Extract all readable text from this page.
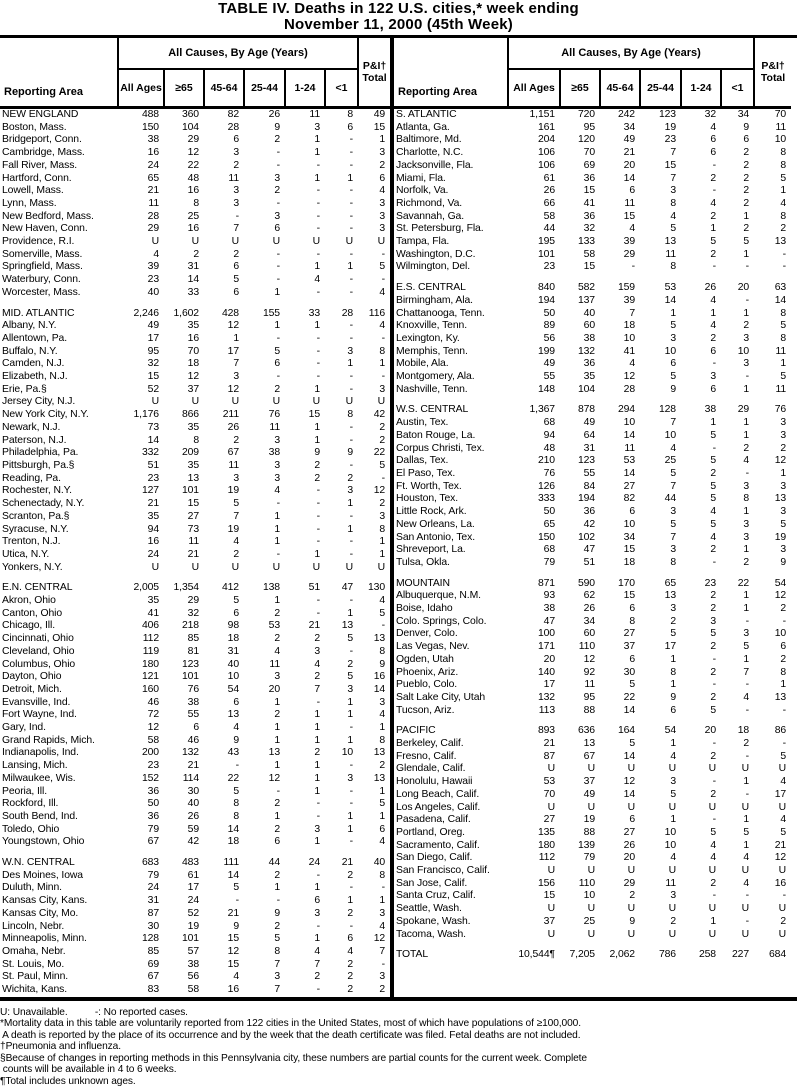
TABLE IV. Deaths in 122 U.S. cities,* week ending
November 11, 2000 (45th Week)
Reporting Area	All Causes, By Age (Years)						P&I†
Total
	All Ages	≥65	45-64	25-44	1-24	<1	
NEW ENGLAND	488	360	82	26	11	8	49
Boston, Mass.	150	104	28	9	3	6	15
Bridgeport, Conn.	38	29	6	2	1	-	1
Cambridge, Mass.	16	12	3	-	1	-	3
Fall River, Mass.	24	22	2	-	-	-	2
Hartford, Conn.	65	48	11	3	1	1	6
Lowell, Mass.	21	16	3	2	-	-	4
Lynn, Mass.	11	8	3	-	-	-	3
New Bedford, Mass.	28	25	-	3	-	-	3
New Haven, Conn.	29	16	7	6	-	-	3
Providence, R.I.	U	U	U	U	U	U	U
Somerville, Mass.	4	2	2	-	-	-	-
Springfield, Mass.	39	31	6	-	1	1	5
Waterbury, Conn.	23	14	5	-	4	-	-
Worcester, Mass.	40	33	6	1	-	-	4

MID. ATLANTIC	2,246	1,602	428	155	33	28	116
Albany, N.Y.	49	35	12	1	1	-	4
Allentown, Pa.	17	16	1	-	-	-	-
Buffalo, N.Y.	95	70	17	5	-	3	8
Camden, N.J.	32	18	7	6	-	1	1
Elizabeth, N.J.	15	12	3	-	-	-	-
Erie, Pa.§	52	37	12	2	1	-	3
Jersey City, N.J.	U	U	U	U	U	U	U
New York City, N.Y.	1,176	866	211	76	15	8	42
Newark, N.J.	73	35	26	11	1	-	2
Paterson, N.J.	14	8	2	3	1	-	2
Philadelphia, Pa.	332	209	67	38	9	9	22
Pittsburgh, Pa.§	51	35	11	3	2	-	5
Reading, Pa.	23	13	3	3	2	2	-
Rochester, N.Y.	127	101	19	4	-	3	12
Schenectady, N.Y.	21	15	5	-	-	1	2
Scranton, Pa.§	35	27	7	1	-	-	3
Syracuse, N.Y.	94	73	19	1	-	1	8
Trenton, N.J.	16	11	4	1	-	-	1
Utica, N.Y.	24	21	2	-	1	-	1
Yonkers, N.Y.	U	U	U	U	U	U	U

E.N. CENTRAL	2,005	1,354	412	138	51	47	130
Akron, Ohio	35	29	5	1	-	-	4
Canton, Ohio	41	32	6	2	-	1	5
Chicago, Ill.	406	218	98	53	21	13	-
Cincinnati, Ohio	112	85	18	2	2	5	13
Cleveland, Ohio	119	81	31	4	3	-	8
Columbus, Ohio	180	123	40	11	4	2	9
Dayton, Ohio	121	101	10	3	2	5	16
Detroit, Mich.	160	76	54	20	7	3	14
Evansville, Ind.	46	38	6	1	-	1	3
Fort Wayne, Ind.	72	55	13	2	1	1	4
Gary, Ind.	12	6	4	1	1	-	1
Grand Rapids, Mich.	58	46	9	1	1	1	8
Indianapolis, Ind.	200	132	43	13	2	10	13
Lansing, Mich.	23	21	-	1	1	-	2
Milwaukee, Wis.	152	114	22	12	1	3	13
Peoria, Ill.	36	30	5	-	1	-	1
Rockford, Ill.	50	40	8	2	-	-	5
South Bend, Ind.	36	26	8	1	-	1	1
Toledo, Ohio	79	59	14	2	3	1	6
Youngstown, Ohio	67	42	18	6	1	-	4

W.N. CENTRAL	683	483	111	44	24	21	40
Des Moines, Iowa	79	61	14	2	-	2	8
Duluth, Minn.	24	17	5	1	1	-	-
Kansas City, Kans.	31	24	-	-	6	1	1
Kansas City, Mo.	87	52	21	9	3	2	3
Lincoln, Nebr.	30	19	9	2	-	-	4
Minneapolis, Minn.	128	101	15	5	1	6	12
Omaha, Nebr.	85	57	12	8	4	4	7
St. Louis, Mo.	69	38	15	7	7	2	-
St. Paul, Minn.	67	56	4	3	2	2	3
Wichita, Kans.	83	58	16	7	-	2	2
Reporting Area	All Causes, By Age (Years)						P&I†
Total
	All Ages	≥65	45-64	25-44	1-24	<1	
S. ATLANTIC	1,151	720	242	123	32	34	70
Atlanta, Ga.	161	95	34	19	4	9	11
Baltimore, Md.	204	120	49	23	6	6	10
Charlotte, N.C.	106	70	21	7	6	2	8
Jacksonville, Fla.	106	69	20	15	-	2	8
Miami, Fla.	61	36	14	7	2	2	5
Norfolk, Va.	26	15	6	3	-	2	1
Richmond, Va.	66	41	11	8	4	2	4
Savannah, Ga.	58	36	15	4	2	1	8
St. Petersburg, Fla.	44	32	4	5	1	2	2
Tampa, Fla.	195	133	39	13	5	5	13
Washington, D.C.	101	58	29	11	2	1	-
Wilmington, Del.	23	15	-	8	-	-	-

E.S. CENTRAL	840	582	159	53	26	20	63
Birmingham, Ala.	194	137	39	14	4	-	14
Chattanooga, Tenn.	50	40	7	1	1	1	8
Knoxville, Tenn.	89	60	18	5	4	2	5
Lexington, Ky.	56	38	10	3	2	3	8
Memphis, Tenn.	199	132	41	10	6	10	11
Mobile, Ala.	49	36	4	6	-	3	1
Montgomery, Ala.	55	35	12	5	3	-	5
Nashville, Tenn.	148	104	28	9	6	1	11

W.S. CENTRAL	1,367	878	294	128	38	29	76
Austin, Tex.	68	49	10	7	1	1	3
Baton Rouge, La.	94	64	14	10	5	1	3
Corpus Christi, Tex.	48	31	11	4	-	2	2
Dallas, Tex.	210	123	53	25	5	4	12
El Paso, Tex.	76	55	14	5	2	-	1
Ft. Worth, Tex.	126	84	27	7	5	3	3
Houston, Tex.	333	194	82	44	5	8	13
Little Rock, Ark.	50	36	6	3	4	1	3
New Orleans, La.	65	42	10	5	5	3	5
San Antonio, Tex.	150	102	34	7	4	3	19
Shreveport, La.	68	47	15	3	2	1	3
Tulsa, Okla.	79	51	18	8	-	2	9

MOUNTAIN	871	590	170	65	23	22	54
Albuquerque, N.M.	93	62	15	13	2	1	12
Boise, Idaho	38	26	6	3	2	1	2
Colo. Springs, Colo.	47	34	8	2	3	-	-
Denver, Colo.	100	60	27	5	5	3	10
Las Vegas, Nev.	171	110	37	17	2	5	6
Ogden, Utah	20	12	6	1	-	1	2
Phoenix, Ariz.	140	92	30	8	2	7	8
Pueblo, Colo.	17	11	5	1	-	-	1
Salt Lake City, Utah	132	95	22	9	2	4	13
Tucson, Ariz.	113	88	14	6	5	-	-

PACIFIC	893	636	164	54	20	18	86
Berkeley, Calif.	21	13	5	1	-	2	-
Fresno, Calif.	87	67	14	4	2	-	5
Glendale, Calif.	U	U	U	U	U	U	U
Honolulu, Hawaii	53	37	12	3	-	1	4
Long Beach, Calif.	70	49	14	5	2	-	17
Los Angeles, Calif.	U	U	U	U	U	U	U
Pasadena, Calif.	27	19	6	1	-	1	4
Portland, Oreg.	135	88	27	10	5	5	5
Sacramento, Calif.	180	139	26	10	4	1	21
San Diego, Calif.	112	79	20	4	4	4	12
San Francisco, Calif.	U	U	U	U	U	U	U
San Jose, Calif.	156	110	29	11	2	4	16
Santa Cruz, Calif.	15	10	2	3	-	-	-
Seattle, Wash.	U	U	U	U	U	U	U
Spokane, Wash.	37	25	9	2	1	-	2
Tacoma, Wash.	U	U	U	U	U	U	U

TOTAL	10,544¶	7,205	2,062	786	258	227	684
U: Unavailable.          -: No reported cases.
*Mortality data in this table are voluntarily reported from 122 cities in the United States, most of which have populations of ≥100,000.
A death is reported by the place of its occurrence and by the week that the death certificate was filed. Fetal deaths are not included.
†Pneumonia and influenza.
§Because of changes in reporting methods in this Pennsylvania city, these numbers are partial counts for the current week. Complete
counts will be available in 4 to 6 weeks.
¶Total includes unknown ages.
